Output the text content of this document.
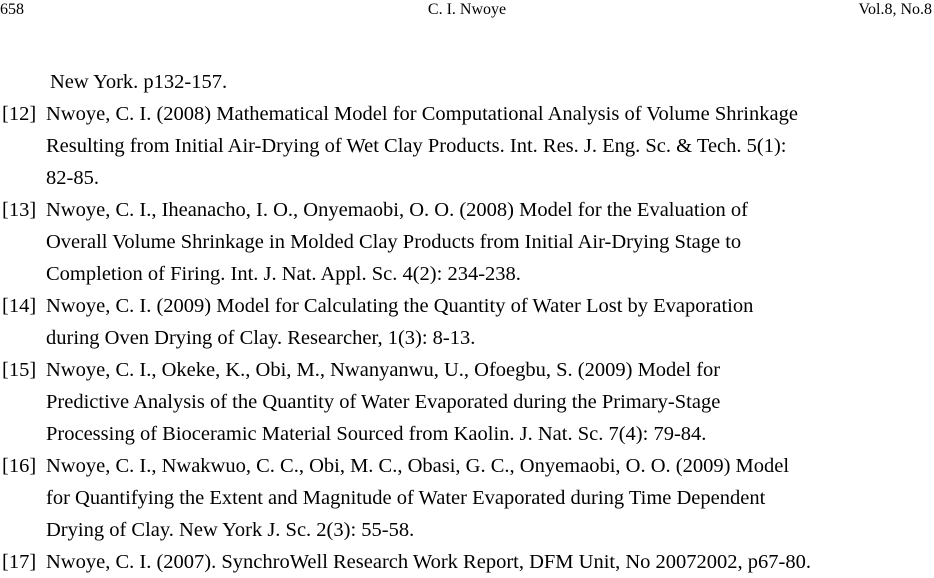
658	C. I. Nwoye	Vol.8, No.8
New York. p132-157.
[12] Nwoye, C. I. (2008) Mathematical Model for Computational Analysis of Volume Shrinkage
Resulting from Initial Air-Drying of Wet Clay Products. Int. Res. J. Eng. Sc. & Tech. 5(1):
82-85.
[13] Nwoye, C. I., Iheanacho, I. O., Onyemaobi, O. O. (2008) Model for the Evaluation of
Overall Volume Shrinkage in Molded Clay Products from Initial Air-Drying Stage to
Completion of Firing. Int. J. Nat. Appl. Sc. 4(2): 234-238.
[14] Nwoye, C. I. (2009) Model for Calculating the Quantity of Water Lost by Evaporation
during Oven Drying of Clay. Researcher, 1(3): 8-13.
[15] Nwoye, C. I., Okeke, K., Obi, M., Nwanyanwu, U., Ofoegbu, S. (2009) Model for
Predictive Analysis of the Quantity of Water Evaporated during the Primary-Stage
Processing of Bioceramic Material Sourced from Kaolin. J. Nat. Sc. 7(4): 79-84.
[16] Nwoye, C. I., Nwakwuo, C. C., Obi, M. C., Obasi, G. C., Onyemaobi, O. O. (2009) Model
for Quantifying the Extent and Magnitude of Water Evaporated during Time Dependent
Drying of Clay. New York J. Sc. 2(3): 55-58.
[17] Nwoye, C. I. (2007). SynchroWell Research Work Report, DFM Unit, No 20072002, p67-80.
